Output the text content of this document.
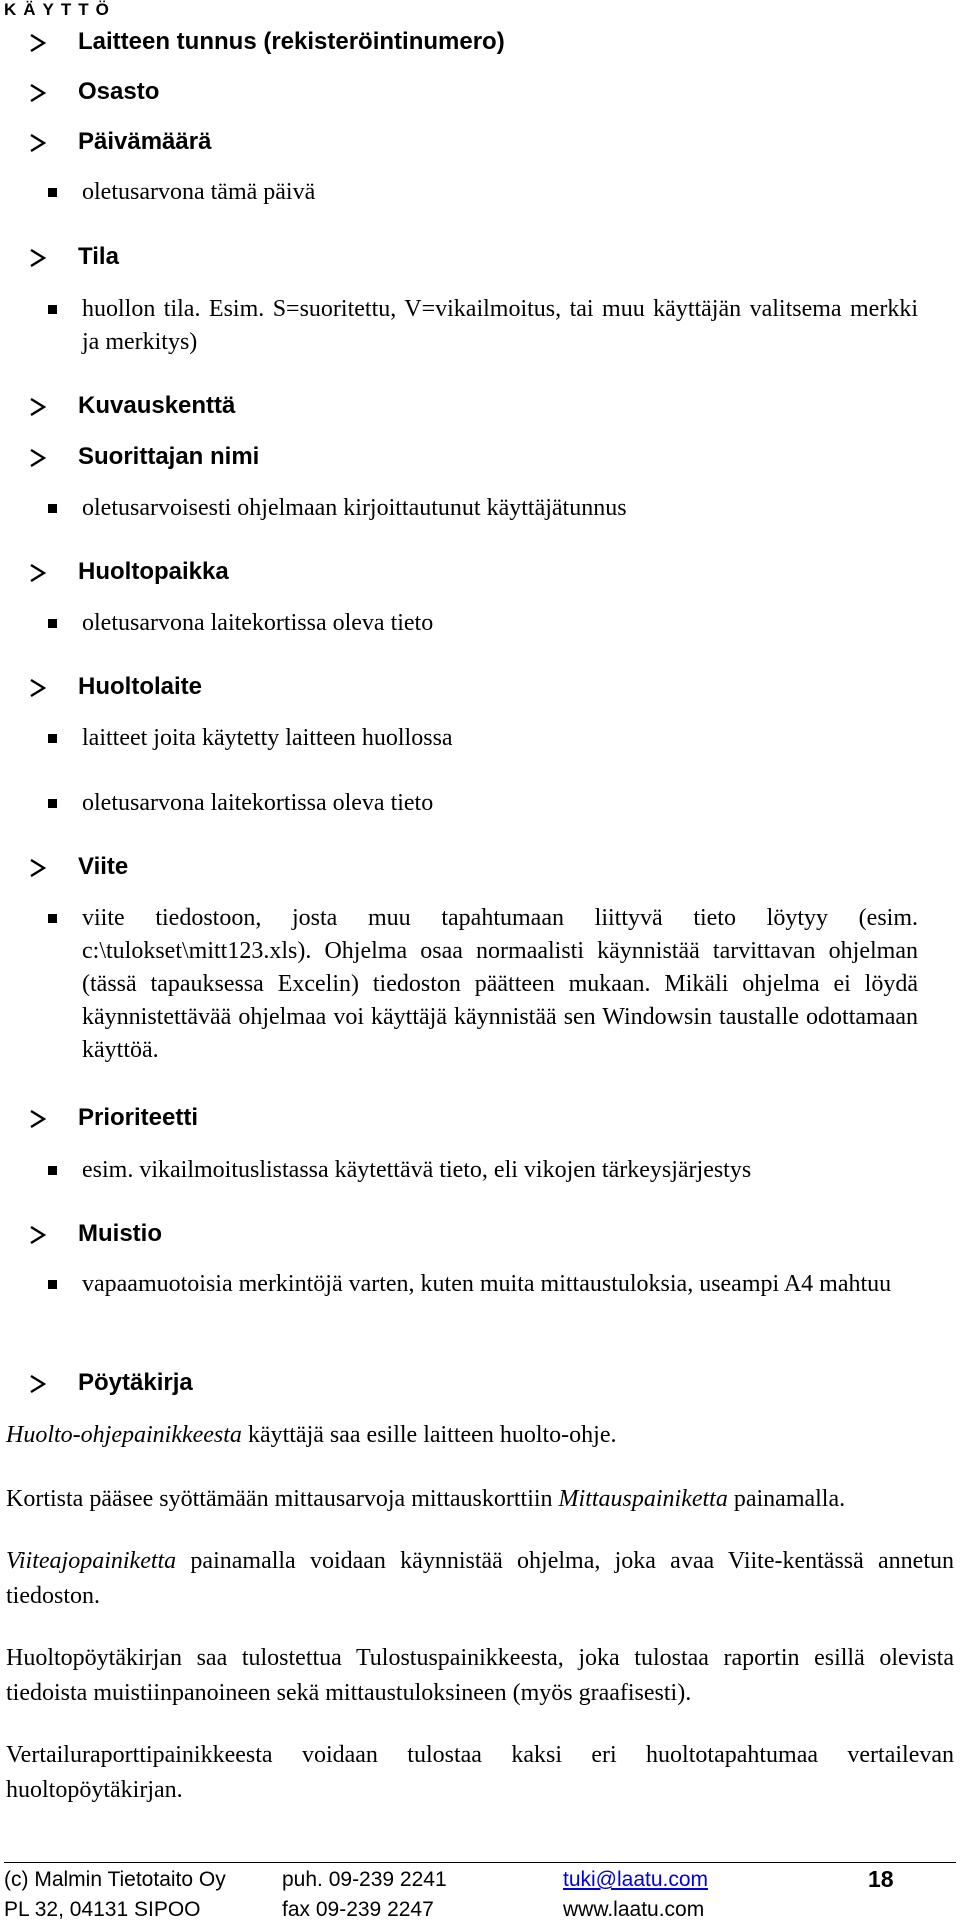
KÄYTTÖ
Laitteen tunnus (rekisteröintinumero)
Osasto
Päivämäärä
oletusarvona tämä päivä
Tila
huollon tila. Esim. S=suoritettu, V=vikailmoitus, tai muu käyttäjän valitsema merkki ja merkitys)
Kuvauskenttä
Suorittajan nimi
oletusarvoisesti ohjelmaan kirjoittautunut käyttäjätunnus
Huoltopaikka
oletusarvona laitekortissa oleva tieto
Huoltolaite
laitteet joita käytetty laitteen huollossa
oletusarvona laitekortissa oleva tieto
Viite
viite tiedostoon, josta muu tapahtumaan liittyvä tieto löytyy (esim. c:\tulokset\mitt123.xls). Ohjelma osaa normaalisti käynnistää tarvittavan ohjelman (tässä tapauksessa Excelin) tiedoston päätteen mukaan. Mikäli ohjelma ei löydä käynnistettävää ohjelmaa voi käyttäjä käynnistää sen Windowsin taustalle odottamaan käyttöä.
Prioriteetti
esim. vikailmoituslistassa käytettävä tieto, eli vikojen tärkeysjärjestys
Muistio
vapaamuotoisia merkintöjä varten, kuten muita mittaustuloksia, useampi A4 mahtuu
Pöytäkirja
Huolto-ohjepainikkeesta käyttäjä saa esille laitteen huolto-ohje.
Kortista pääsee syöttämään mittausarvoja mittauskorttiin Mittauspainiketta painamalla.
Viiteajopainiketta painamalla voidaan käynnistää ohjelma, joka avaa Viite-kentässä annetun tiedoston.
Huoltopöytäkirjan saa tulostettua Tulostuspainikkeesta, joka tulostaa raportin esillä olevista tiedoista muistiinpanoineen sekä mittaustuloksineen (myös graafisesti).
Vertailuraporttipainikkeesta voidaan tulostaa kaksi eri huoltotapahtumaa vertailevan huoltopöytäkirjan.
(c) Malmin Tietotaito Oy	puh. 09-239 2241	tuki@laatu.com	18
PL 32, 04131 SIPOO	fax 09-239 2247	www.laatu.com
